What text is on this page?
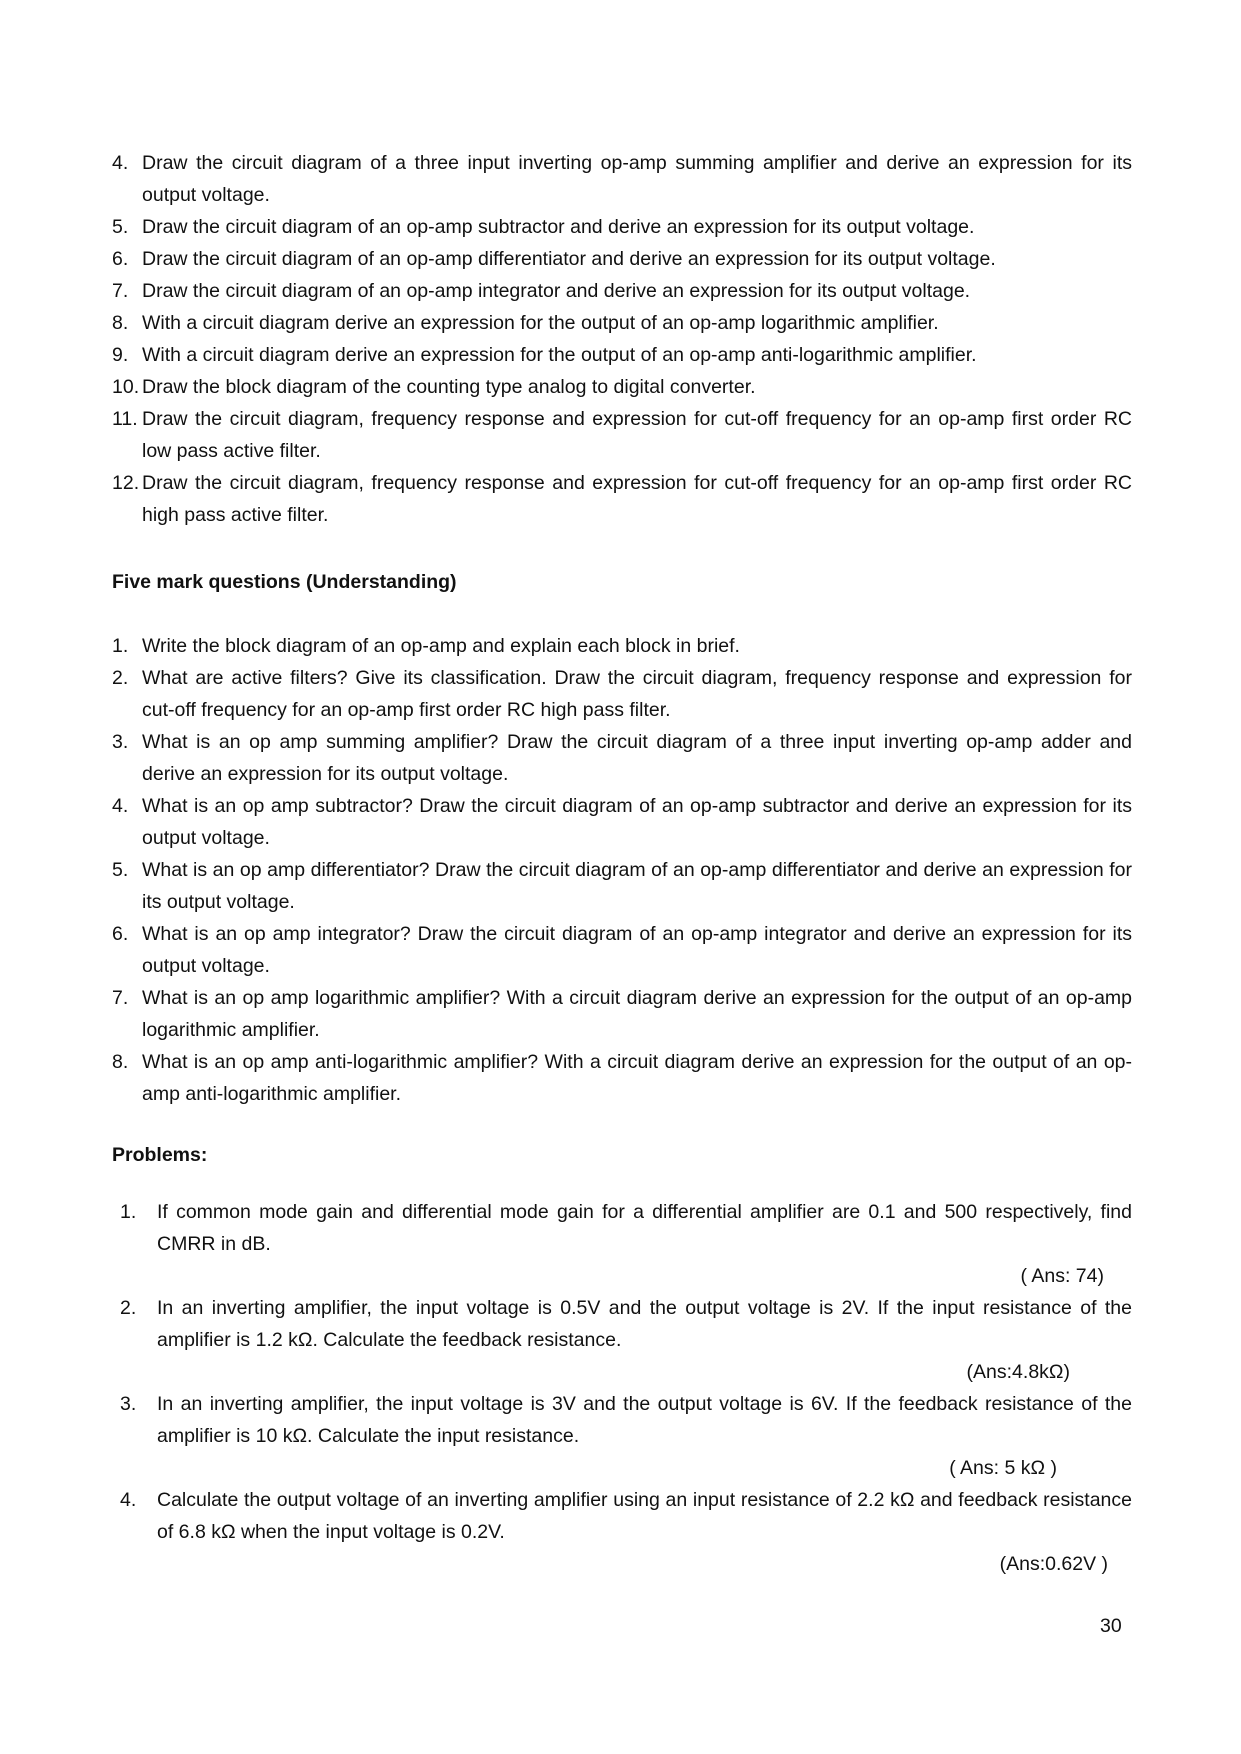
4. Draw the circuit diagram of a three input inverting op-amp summing amplifier and derive an expression for its output voltage.
5. Draw the circuit diagram of an op-amp subtractor and derive an expression for its output voltage.
6. Draw the circuit diagram of an op-amp differentiator and derive an expression for its output voltage.
7. Draw the circuit diagram of an op-amp integrator and derive an expression for its output voltage.
8. With a circuit diagram derive an expression for the output of an op-amp logarithmic amplifier.
9. With a circuit diagram derive an expression for the output of an op-amp anti-logarithmic amplifier.
10. Draw the block diagram of the counting type analog to digital converter.
11. Draw the circuit diagram, frequency response and expression for cut-off frequency for an op-amp first order RC low pass active filter.
12. Draw the circuit diagram, frequency response and expression for cut-off frequency for an op-amp first order RC high pass active filter.
Five mark questions (Understanding)
1. Write the block diagram of an op-amp and explain each block in brief.
2. What are active filters? Give its classification. Draw the circuit diagram, frequency response and expression for cut-off frequency for an op-amp first order RC high pass filter.
3. What is an op amp summing amplifier? Draw the circuit diagram of a three input inverting op-amp adder and derive an expression for its output voltage.
4. What is an op amp subtractor? Draw the circuit diagram of an op-amp subtractor and derive an expression for its output voltage.
5. What is an op amp differentiator? Draw the circuit diagram of an op-amp differentiator and derive an expression for its output voltage.
6. What is an op amp integrator? Draw the circuit diagram of an op-amp integrator and derive an expression for its output voltage.
7. What is an op amp logarithmic amplifier? With a circuit diagram derive an expression for the output of an op-amp logarithmic amplifier.
8. What is an op amp anti-logarithmic amplifier? With a circuit diagram derive an expression for the output of an op-amp anti-logarithmic amplifier.
Problems:
1. If common mode gain and differential mode gain for a differential amplifier are 0.1 and 500 respectively, find CMRR in dB.
( Ans: 74)
2. In an inverting amplifier, the input voltage is 0.5V and the output voltage is 2V. If the input resistance of the amplifier is 1.2 kΩ. Calculate the feedback resistance.
(Ans:4.8kΩ)
3. In an inverting amplifier, the input voltage is 3V and the output voltage is 6V. If the feedback resistance of the amplifier is 10 kΩ. Calculate the input resistance.
( Ans: 5 kΩ )
4. Calculate the output voltage of an inverting amplifier using an input resistance of 2.2 kΩ and feedback resistance of 6.8 kΩ when the input voltage is 0.2V.
(Ans:0.62V )
30
